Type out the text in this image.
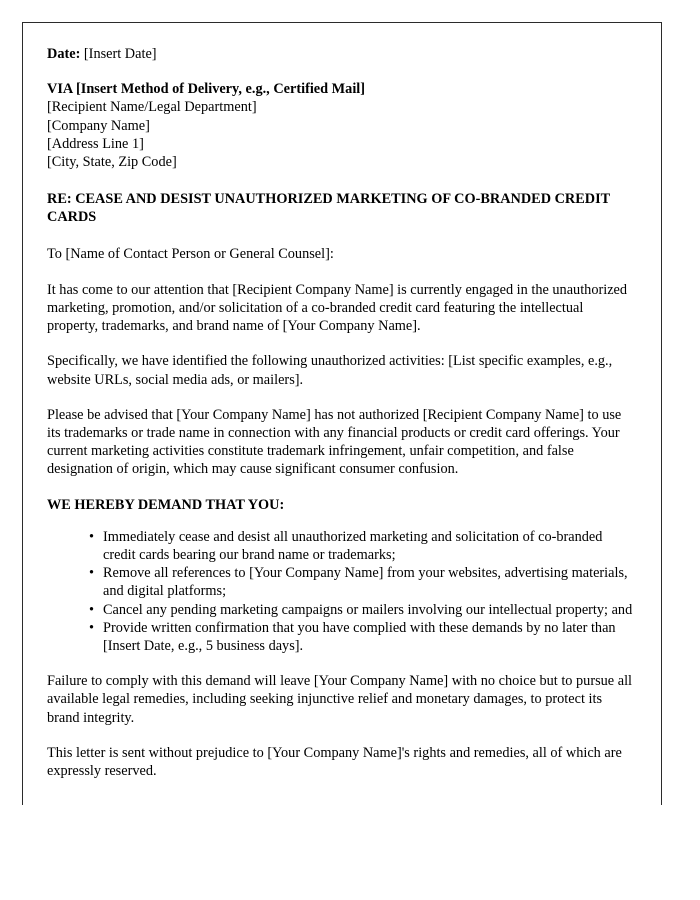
Date: [Insert Date]

VIA [Insert Method of Delivery, e.g., Certified Mail]
[Recipient Name/Legal Department]
[Company Name]
[Address Line 1]
[City, State, Zip Code]

RE: CEASE AND DESIST UNAUTHORIZED MARKETING OF CO-BRANDED CREDIT CARDS

To [Name of Contact Person or General Counsel]:

It has come to our attention that [Recipient Company Name] is currently engaged in the unauthorized marketing, promotion, and/or solicitation of a co-branded credit card featuring the intellectual property, trademarks, and brand name of [Your Company Name].

Specifically, we have identified the following unauthorized activities: [List specific examples, e.g., website URLs, social media ads, or mailers].

Please be advised that [Your Company Name] has not authorized [Recipient Company Name] to use its trademarks or trade name in connection with any financial products or credit card offerings. Your current marketing activities constitute trademark infringement, unfair competition, and false designation of origin, which may cause significant consumer confusion.

WE HEREBY DEMAND THAT YOU:

• Immediately cease and desist all unauthorized marketing and solicitation of co-branded credit cards bearing our brand name or trademarks;
• Remove all references to [Your Company Name] from your websites, advertising materials, and digital platforms;
• Cancel any pending marketing campaigns or mailers involving our intellectual property; and
• Provide written confirmation that you have complied with these demands by no later than [Insert Date, e.g., 5 business days].

Failure to comply with this demand will leave [Your Company Name] with no choice but to pursue all available legal remedies, including seeking injunctive relief and monetary damages, to protect its brand integrity.

This letter is sent without prejudice to [Your Company Name]'s rights and remedies, all of which are expressly reserved.
